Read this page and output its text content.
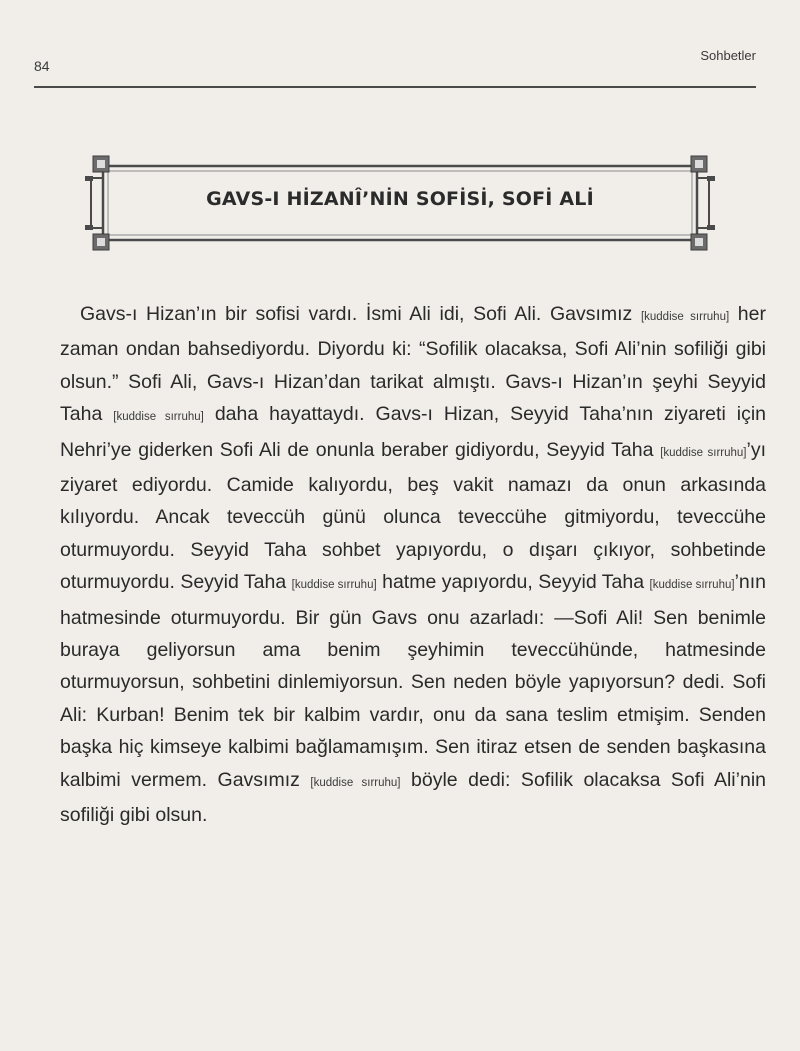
84
Sohbetler
GAVS-I HİZANÎ’NİN SOFİSİ, SOFİ ALİ

Gavs-ı Hizan’ın bir sofisi vardı. İsmi Ali idi, Sofi Ali. Gavsımız [kuddise sırruhu] her zaman ondan bahsediyordu. Diyordu ki: “Sofilik olacaksa, Sofi Ali’nin sofiliği gibi olsun.” Sofi Ali, Gavs-ı Hizan’dan tarikat almıştı. Gavs-ı Hizan’ın şeyhi Seyyid Taha [kuddise sırruhu] daha hayattaydı. Gavs-ı Hizan, Seyyid Taha’nın ziyareti için Nehri’ye giderken Sofi Ali de onunla beraber gidiyordu, Seyyid Taha [kuddise sırruhu]’yı ziyaret ediyordu. Camide kalıyordu, beş vakit namazı da onun arkasında kılıyordu. Ancak teveccüh günü olunca teveccühe gitmiyordu, teveccühe oturmuyordu. Seyyid Taha sohbet yapıyordu, o dışarı çıkıyor, sohbetinde oturmuyordu. Seyyid Taha [kuddise sırruhu] hatme yapıyordu, Seyyid Taha [kuddise sırruhu]’nın hatmesinde oturmuyordu. Bir gün Gavs onu azarladı: —Sofi Ali! Sen benimle buraya geliyorsun ama benim şeyhimin teveccühünde, hatmesinde oturmuyorsun, sohbetini dinlemiyorsun. Sen neden böyle yapıyorsun? dedi. Sofi Ali: Kurban! Benim tek bir kalbim vardır, onu da sana teslim etmişim. Senden başka hiç kimseye kalbimi bağlamamışım. Sen itiraz etsen de senden başkasına kalbimi vermem. Gavsımız [kuddise sırruhu] böyle dedi: Sofilik olacaksa Sofi Ali’nin sofiliği gibi olsun.
